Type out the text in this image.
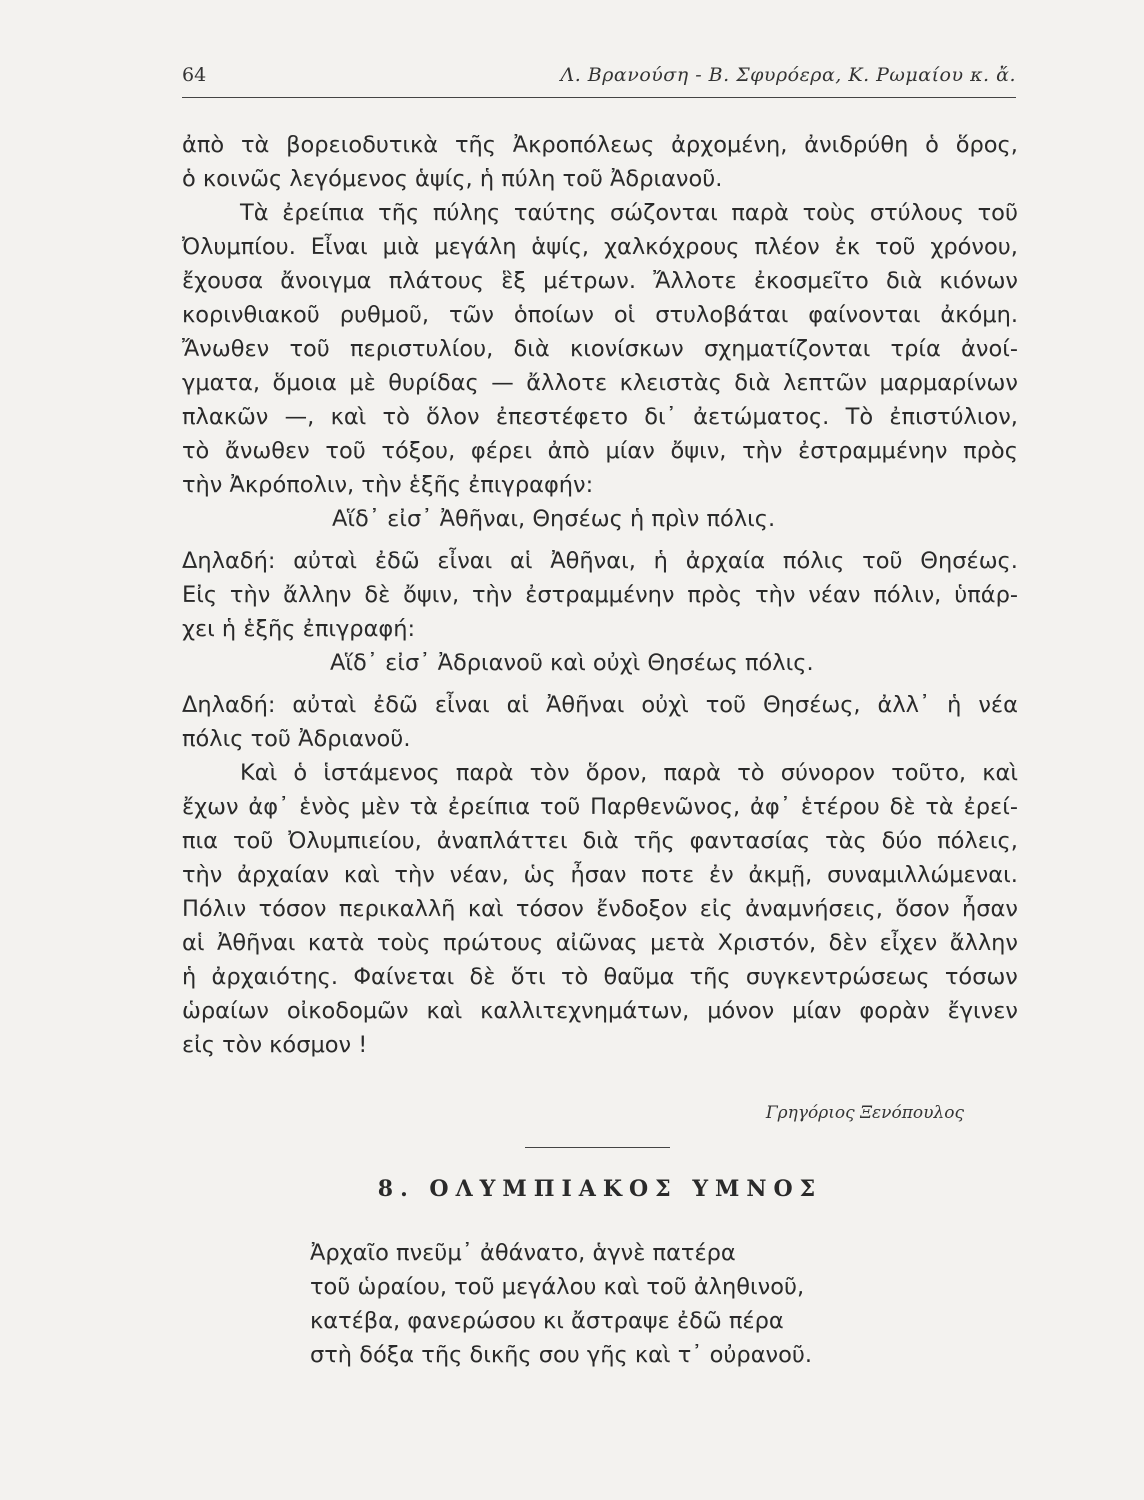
64	Λ. Βρανούση - Β. Σφυρόερα, Κ. Ρωμαίου κ. ἄ.
ἀπὸ τὰ βορειοδυτικὰ τῆς Ἀκροπόλεως ἀρχομένη, ἀνιδρύθη ὁ ὅρος,
ὁ κοινῶς λεγόμενος ἁψίς, ἡ πύλη τοῦ Ἀδριανοῦ.
Τὰ ἐρείπια τῆς πύλης ταύτης σώζονται παρὰ τοὺς στύλους τοῦ
Ὀλυμπίου. Εἶναι μιὰ μεγάλη ἁψίς, χαλκόχρους πλέον ἐκ τοῦ χρόνου,
ἔχουσα ἄνοιγμα πλάτους ἓξ μέτρων. Ἄλλοτε ἐκοσμεῖτο διὰ κιόνων
κορινθιακοῦ ρυθμοῦ, τῶν ὁποίων οἱ στυλοβάται φαίνονται ἀκόμη.
Ἄνωθεν τοῦ περιστυλίου, διὰ κιονίσκων σχηματίζονται τρία ἀνοί-
γματα, ὅμοια μὲ θυρίδας — ἄλλοτε κλειστὰς διὰ λεπτῶν μαρμαρίνων
πλακῶν —, καὶ τὸ ὅλον ἐπεστέφετο δι᾽ ἀετώματος. Τὸ ἐπιστύλιον,
τὸ ἄνωθεν τοῦ τόξου, φέρει ἀπὸ μίαν ὄψιν, τὴν ἐστραμμένην πρὸς
τὴν Ἀκρόπολιν, τὴν ἑξῆς ἐπιγραφήν:
Αἵδ᾽ εἰσ᾽ Ἀθῆναι, Θησέως ἡ πρὶν πόλις.
Δηλαδή: αὐταὶ ἐδῶ εἶναι αἱ Ἀθῆναι, ἡ ἀρχαία πόλις τοῦ Θησέως.
Εἰς τὴν ἄλλην δὲ ὄψιν, τὴν ἐστραμμένην πρὸς τὴν νέαν πόλιν, ὑπάρ-
χει ἡ ἑξῆς ἐπιγραφή:
Αἵδ᾽ εἰσ᾽ Ἀδριανοῦ καὶ οὐχὶ Θησέως πόλις.
Δηλαδή: αὐταὶ ἐδῶ εἶναι αἱ Ἀθῆναι οὐχὶ τοῦ Θησέως, ἀλλ᾽ ἡ νέα
πόλις τοῦ Ἀδριανοῦ.
Καὶ ὁ ἱστάμενος παρὰ τὸν ὅρον, παρὰ τὸ σύνορον τοῦτο, καὶ
ἔχων ἀφ᾽ ἑνὸς μὲν τὰ ἐρείπια τοῦ Παρθενῶνος, ἀφ᾽ ἑτέρου δὲ τὰ ἐρεί-
πια τοῦ Ὀλυμπιείου, ἀναπλάττει διὰ τῆς φαντασίας τὰς δύο πόλεις,
τὴν ἀρχαίαν καὶ τὴν νέαν, ὡς ἦσαν ποτε ἐν ἀκμῇ, συναμιλλώμεναι.
Πόλιν τόσον περικαλλῆ καὶ τόσον ἔνδοξον εἰς ἀναμνήσεις, ὅσον ἦσαν
αἱ Ἀθῆναι κατὰ τοὺς πρώτους αἰῶνας μετὰ Χριστόν, δὲν εἶχεν ἄλλην
ἡ ἀρχαιότης. Φαίνεται δὲ ὅτι τὸ θαῦμα τῆς συγκεντρώσεως τόσων
ὡραίων οἰκοδομῶν καὶ καλλιτεχνημάτων, μόνον μίαν φορὰν ἔγινεν
εἰς τὸν κόσμον !
Γρηγόριος Ξενόπουλος
8. ΟΛΥΜΠΙΑΚΟΣ ΥΜΝΟΣ
Ἀρχαῖο πνεῦμ᾽ ἀθάνατο, ἁγνὲ πατέρα
τοῦ ὡραίου, τοῦ μεγάλου καὶ τοῦ ἀληθινοῦ,
κατέβα, φανερώσου κι ἄστραψε ἐδῶ πέρα
στὴ δόξα τῆς δικῆς σου γῆς καὶ τ᾽ οὐρανοῦ.
